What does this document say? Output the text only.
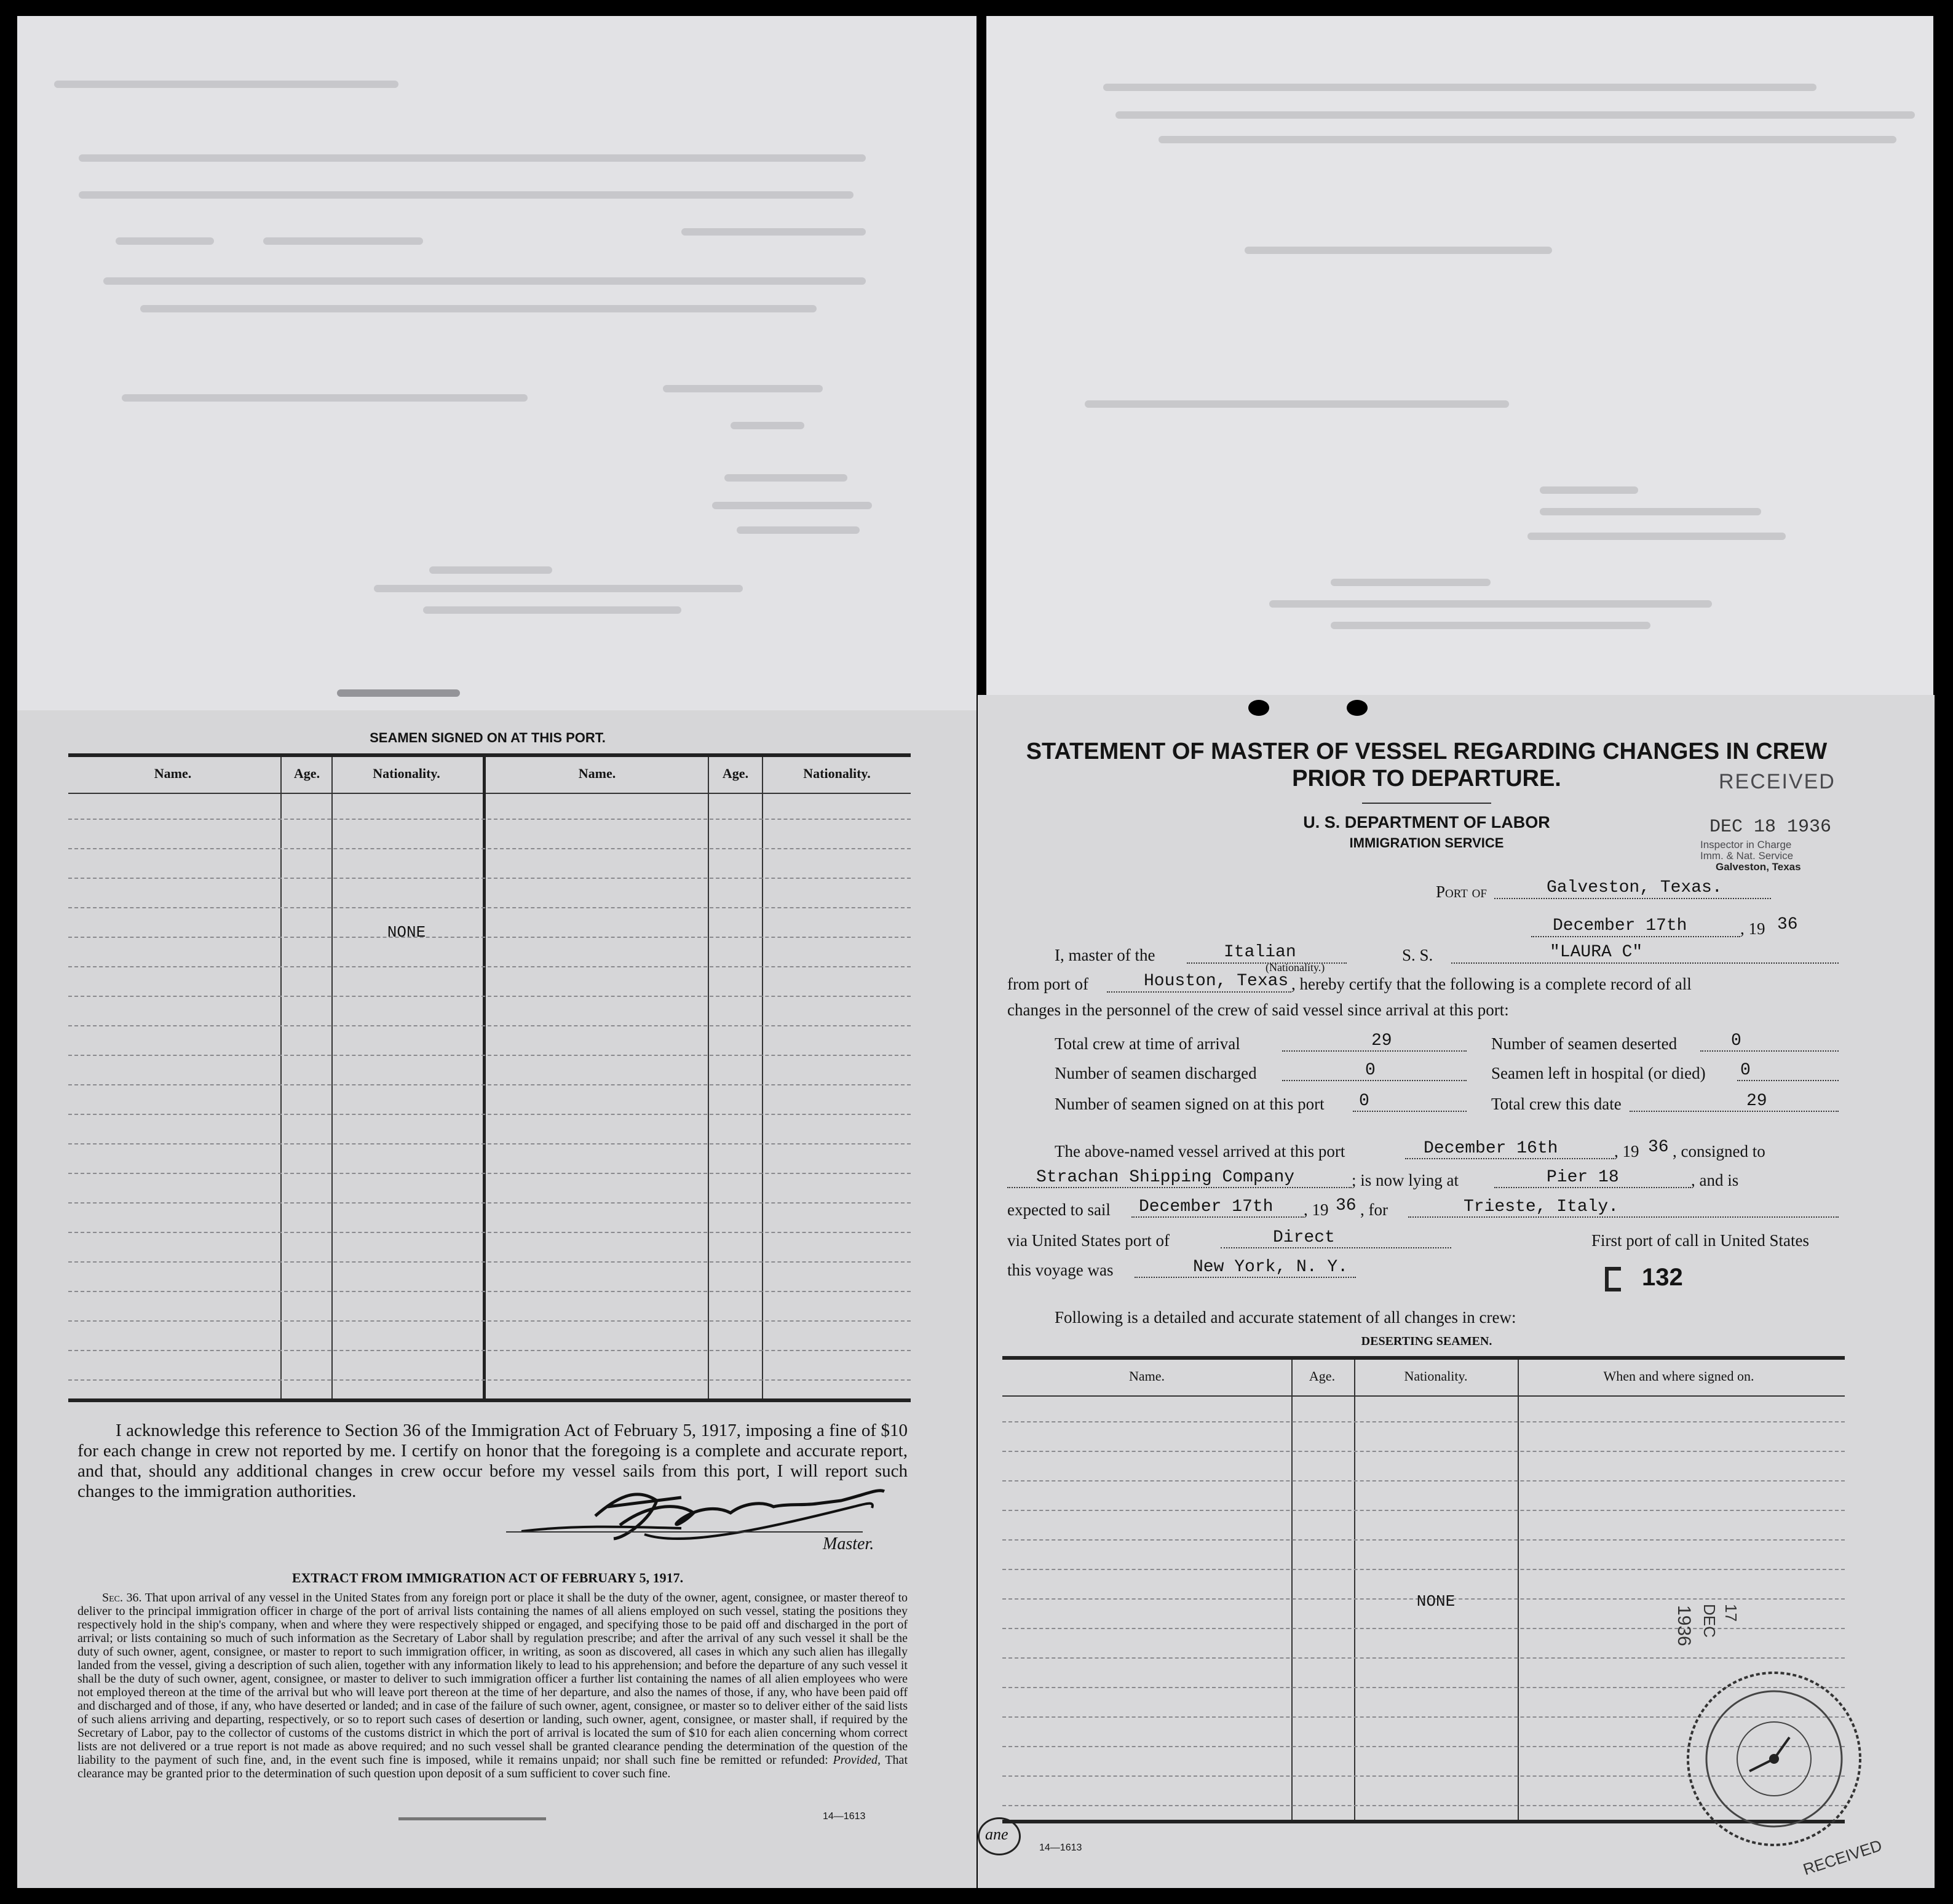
SEAMEN SIGNED ON AT THIS PORT.
Name.	Age.	Nationality.	Name.	Age.	Nationality.
NONE
I acknowledge this reference to Section 36 of the Immigration Act of February 5, 1917, imposing a fine of $10 for each change in crew not reported by me. I certify on honor that the foregoing is a complete and accurate report, and that, should any additional changes in crew occur before my vessel sails from this port, I will report such changes to the immigration authorities.
Master.
EXTRACT FROM IMMIGRATION ACT OF FEBRUARY 5, 1917.
Sec. 36. That upon arrival of any vessel in the United States from any foreign port or place it shall be the duty of the owner, agent, consignee, or master thereof to deliver to the principal immigration officer in charge of the port of arrival lists containing the names of all aliens employed on such vessel, stating the positions they respectively hold in the ship's company, when and where they were respectively shipped or engaged, and specifying those to be paid off and discharged in the port of arrival; or lists containing so much of such information as the Secretary of Labor shall by regulation prescribe; and after the arrival of any such vessel it shall be the duty of such owner, agent, consignee, or master to report to such immigration officer, in writing, as soon as discovered, all cases in which any such alien has illegally landed from the vessel, giving a description of such alien, together with any information likely to lead to his apprehension; and before the departure of any such vessel it shall be the duty of such owner, agent, consignee, or master to deliver to such immigration officer a further list containing the names of all alien employees who were not employed thereon at the time of the arrival but who will leave port thereon at the time of her departure, and also the names of those, if any, who have been paid off and discharged and of those, if any, who have deserted or landed; and in case of the failure of such owner, agent, consignee, or master so to deliver either of the said lists of such aliens arriving and departing, respectively, or so to report such cases of desertion or landing, such owner, agent, consignee, or master shall, if required by the Secretary of Labor, pay to the collector of customs of the customs district in which the port of arrival is located the sum of $10 for each alien concerning whom correct lists are not delivered or a true report is not made as above required; and no such vessel shall be granted clearance pending the determination of the question of the liability to the payment of such fine, and, in the event such fine is imposed, while it remains unpaid; nor shall such fine be remitted or refunded: Provided, That clearance may be granted prior to the determination of such question upon deposit of a sum sufficient to cover such fine.
14—1613
STATEMENT OF MASTER OF VESSEL REGARDING CHANGES IN CREW
PRIOR TO DEPARTURE.
U. S. DEPARTMENT OF LABOR
IMMIGRATION SERVICE
Port of	Galveston, Texas.
December 17th	, 19 36
I, master of the	Italian
(Nationality.)
S. S.	"LAURA C"
from port of	Houston, Texas , hereby certify that the following is a complete record of all
changes in the personnel of the crew of said vessel since arrival at this port:
Total crew at time of arrival	29	Number of seamen deserted	0
Number of seamen discharged	0	Seamen left in hospital (or died) 0
Number of seamen signed on at this port 0	Total crew this date	29
The above-named vessel arrived at this port	December 16th	, 19 36 , consigned to
Strachan Shipping Company	; is now lying at	Pier 18	, and is
expected to sail December 17th , 19 36 , for	Trieste, Italy.
via United States port of	Direct	First port of call in United States
this voyage was	New York, N. Y.	132
Following is a detailed and accurate statement of all changes in crew:
DESERTING SEAMEN.
Name.	Age.	Nationality.	When and where signed on.
NONE
14—1613
RECEIVED
DEC 18 1936
Inspector in Charge
Imm. & Nat. Service
Galveston, Texas
1936 DEC 17
RECEIVED
ane
